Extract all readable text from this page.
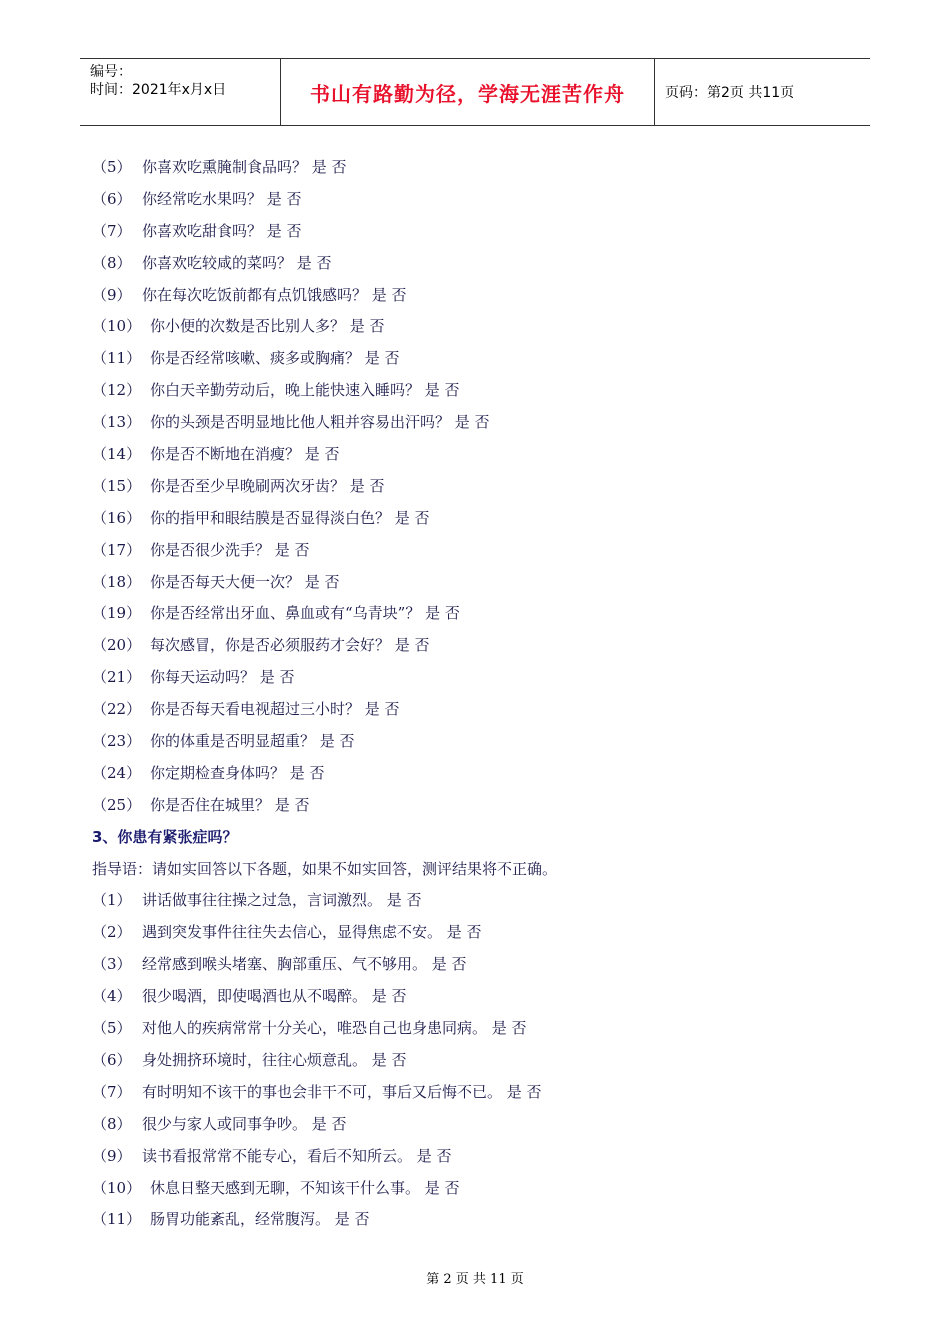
编号：
时间：2021年x月x日	书山有路勤为径，学海无涯苦作舟	页码：第2页 共11页
（5） 你喜欢吃熏腌制食品吗？ 是 否
（6） 你经常吃水果吗？ 是 否
（7） 你喜欢吃甜食吗？ 是 否
（8） 你喜欢吃较咸的菜吗？ 是 否
（9） 你在每次吃饭前都有点饥饿感吗？ 是 否
（10） 你小便的次数是否比别人多？ 是 否
（11） 你是否经常咳嗽、痰多或胸痛？ 是 否
（12） 你白天辛勤劳动后，晚上能快速入睡吗？ 是 否
（13） 你的头颈是否明显地比他人粗并容易出汗吗？ 是 否
（14） 你是否不断地在消瘦？ 是 否
（15） 你是否至少早晚刷两次牙齿？ 是 否
（16） 你的指甲和眼结膜是否显得淡白色？ 是 否
（17） 你是否很少洗手？ 是 否
（18） 你是否每天大便一次？ 是 否
（19） 你是否经常出牙血、鼻血或有“乌青块”？ 是 否
（20） 每次感冒，你是否必须服药才会好？ 是 否
（21） 你每天运动吗？ 是 否
（22） 你是否每天看电视超过三小时？ 是 否
（23） 你的体重是否明显超重？ 是 否
（24） 你定期检查身体吗？ 是 否
（25） 你是否住在城里？ 是 否
3、你患有紧张症吗？
指导语：请如实回答以下各题，如果不如实回答，测评结果将不正确。
（1） 讲话做事往往操之过急，言词激烈。 是 否
（2） 遇到突发事件往往失去信心，显得焦虑不安。 是 否
（3） 经常感到喉头堵塞、胸部重压、气不够用。 是 否
（4） 很少喝酒，即使喝酒也从不喝醉。 是 否
（5） 对他人的疾病常常十分关心，唯恐自己也身患同病。 是 否
（6） 身处拥挤环境时，往往心烦意乱。 是 否
（7） 有时明知不该干的事也会非干不可，事后又后悔不已。 是 否
（8） 很少与家人或同事争吵。 是 否
（9） 读书看报常常不能专心，看后不知所云。 是 否
（10） 休息日整天感到无聊，不知该干什么事。 是 否
（11） 肠胃功能紊乱，经常腹泻。 是 否
第 2 页 共 11 页
